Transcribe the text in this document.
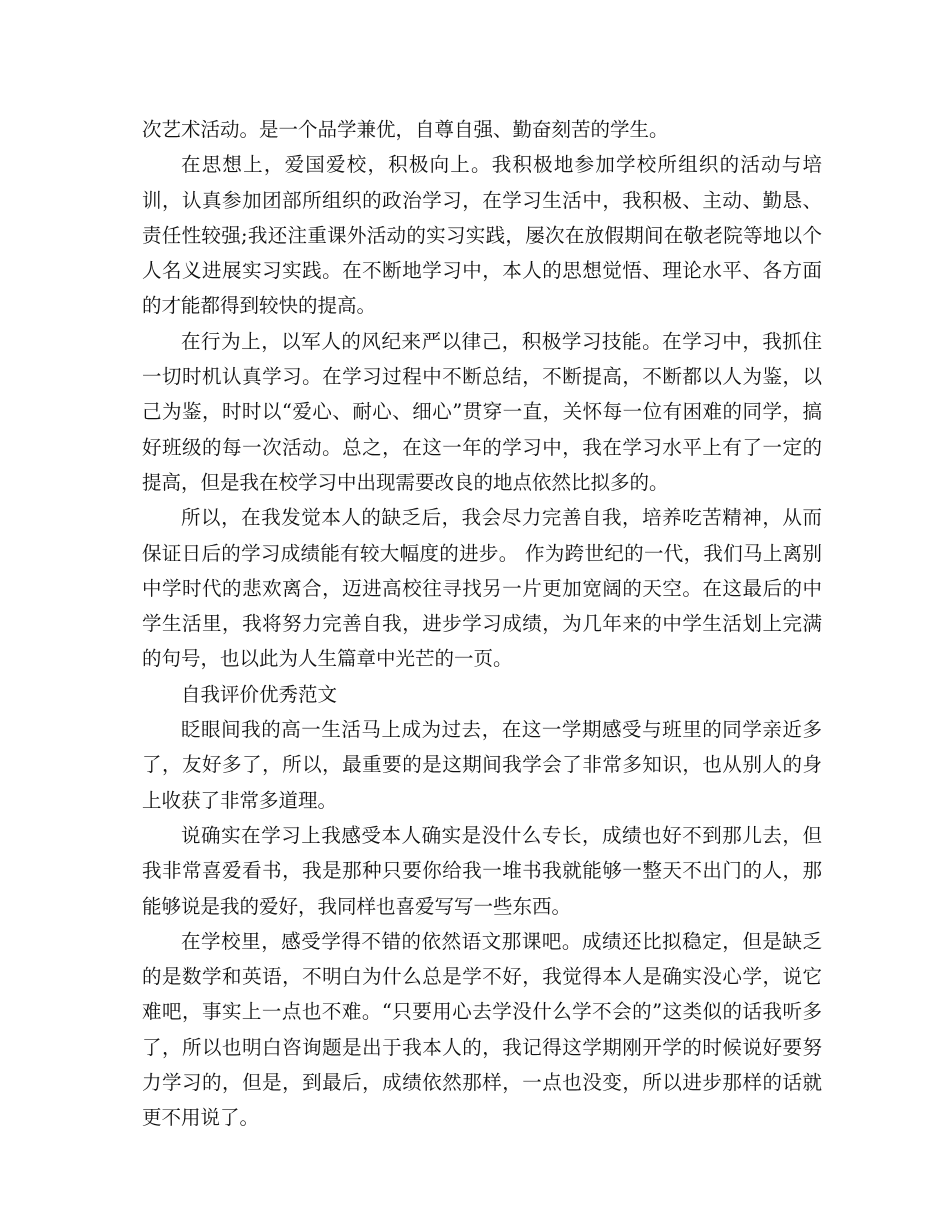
次艺术活动。是一个品学兼优，自尊自强、勤奋刻苦的学生。

在思想上，爱国爱校，积极向上。我积极地参加学校所组织的活动与培训，认真参加团部所组织的政治学习，在学习生活中，我积极、主动、勤恳、责任性较强;我还注重课外活动的实习实践，屡次在放假期间在敬老院等地以个人名义进展实习实践。在不断地学习中，本人的思想觉悟、理论水平、各方面的才能都得到较快的提高。

在行为上，以军人的风纪来严以律己，积极学习技能。在学习中，我抓住一切时机认真学习。在学习过程中不断总结，不断提高，不断都以人为鉴，以己为鉴，时时以“爱心、耐心、细心”贯穿一直，关怀每一位有困难的同学，搞好班级的每一次活动。总之，在这一年的学习中，我在学习水平上有了一定的提高，但是我在校学习中出现需要改良的地点依然比拟多的。

所以，在我发觉本人的缺乏后，我会尽力完善自我，培养吃苦精神，从而保证日后的学习成绩能有较大幅度的进步。 作为跨世纪的一代，我们马上离别中学时代的悲欢离合，迈进高校往寻找另一片更加宽阔的天空。在这最后的中学生活里，我将努力完善自我，进步学习成绩，为几年来的中学生活划上完满的句号，也以此为人生篇章中光芒的一页。

自我评价优秀范文

眨眼间我的高一生活马上成为过去，在这一学期感受与班里的同学亲近多了，友好多了，所以，最重要的是这期间我学会了非常多知识，也从别人的身上收获了非常多道理。

说确实在学习上我感受本人确实是没什么专长，成绩也好不到那儿去，但我非常喜爱看书，我是那种只要你给我一堆书我就能够一整天不出门的人，那能够说是我的爱好，我同样也喜爱写写一些东西。

在学校里，感受学得不错的依然语文那课吧。成绩还比拟稳定，但是缺乏的是数学和英语，不明白为什么总是学不好，我觉得本人是确实没心学，说它难吧，事实上一点也不难。“只要用心去学没什么学不会的”这类似的话我听多了，所以也明白咨询题是出于我本人的，我记得这学期刚开学的时候说好要努力学习的，但是，到最后，成绩依然那样，一点也没变，所以进步那样的话就更不用说了。
